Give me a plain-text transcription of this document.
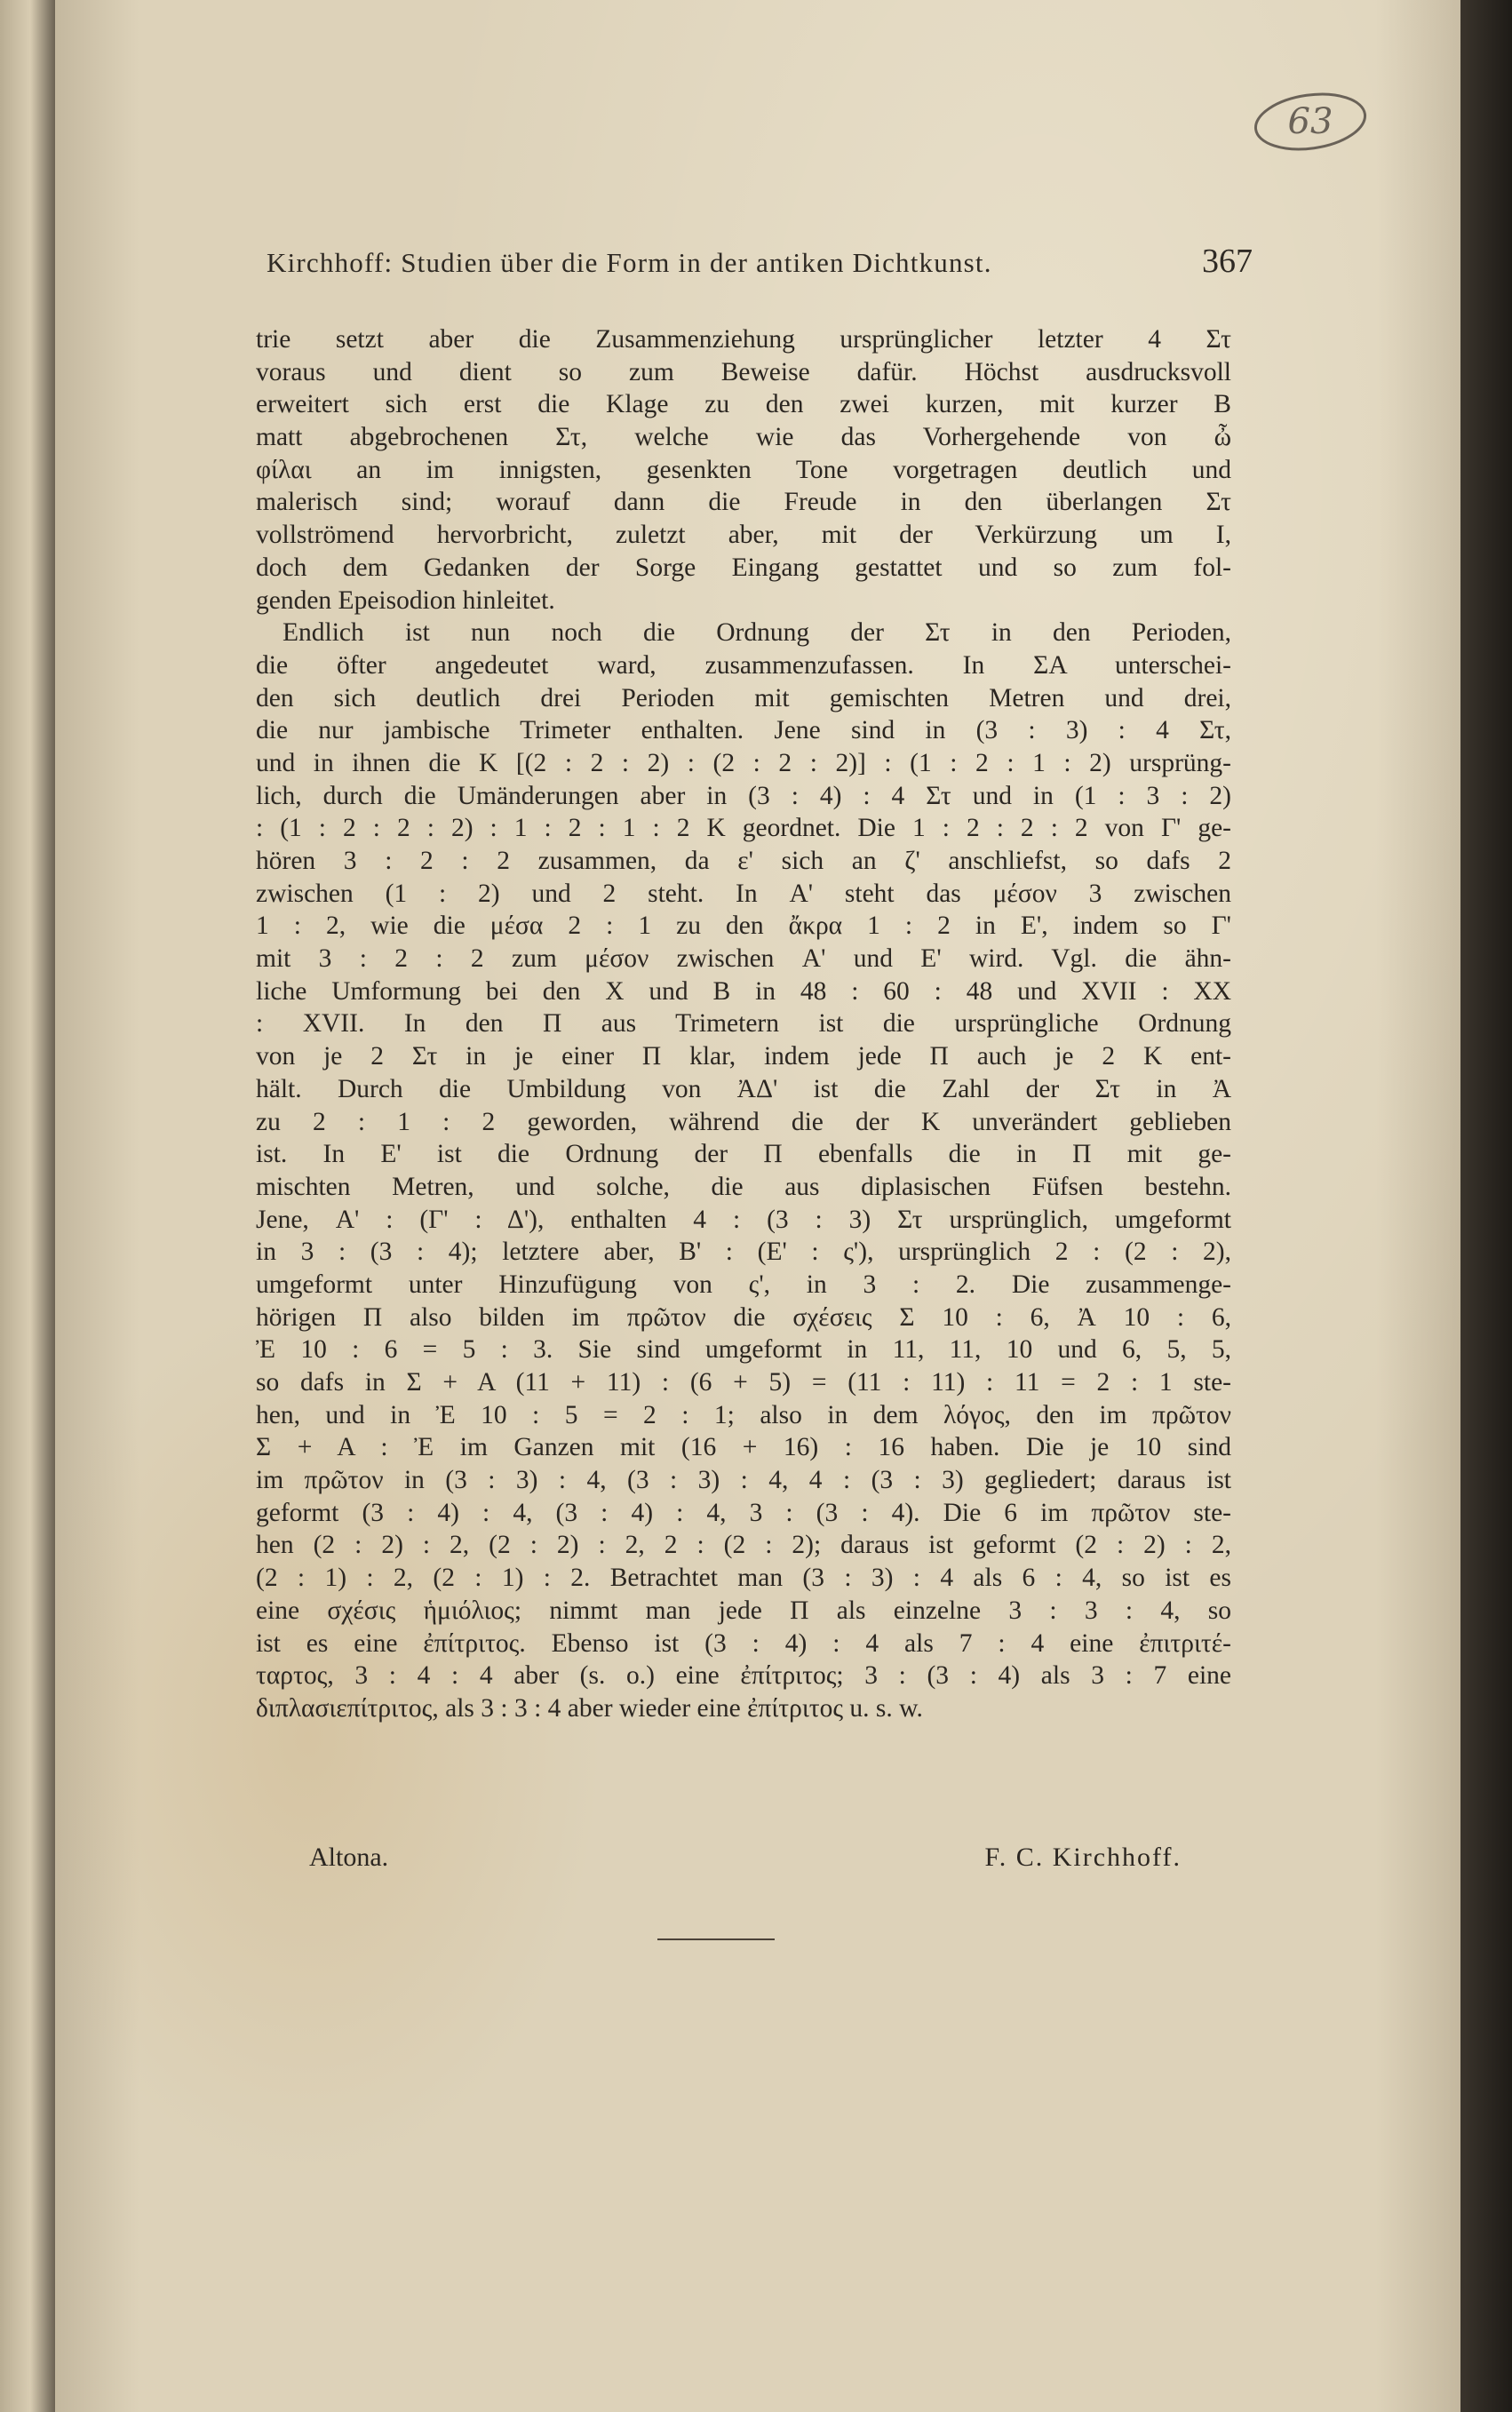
63
Kirchhoff: Studien über die Form in der antiken Dichtkunst.	367
trie setzt aber die Zusammenziehung ursprünglicher letzter 4 Στ
voraus und dient so zum Beweise dafür. Höchst ausdrucksvoll
erweitert sich erst die Klage zu den zwei kurzen, mit kurzer B
matt abgebrochenen Στ, welche wie das Vorhergehende von ὦ
φίλαι an im innigsten, gesenkten Tone vorgetragen deutlich und
malerisch sind; worauf dann die Freude in den überlangen Στ
vollströmend hervorbricht, zuletzt aber, mit der Verkürzung um I,
doch dem Gedanken der Sorge Eingang gestattet und so zum fol-
genden Epeisodion hinleitet.
Endlich ist nun noch die Ordnung der Στ in den Perioden,
die öfter angedeutet ward, zusammenzufassen. In ΣΑ unterschei-
den sich deutlich drei Perioden mit gemischten Metren und drei,
die nur jambische Trimeter enthalten. Jene sind in (3 : 3) : 4 Στ,
und in ihnen die K [(2 : 2 : 2) : (2 : 2 : 2)] : (1 : 2 : 1 : 2) ursprüng-
lich, durch die Umänderungen aber in (3 : 4) : 4 Στ und in (1 : 3 : 2)
: (1 : 2 : 2 : 2) : 1 : 2 : 1 : 2 K geordnet. Die 1 : 2 : 2 : 2 von Γ' ge-
hören 3 : 2 : 2 zusammen, da ε' sich an ζ' anschliefst, so dafs 2
zwischen (1 : 2) und 2 steht. In Α' steht das μέσον 3 zwischen
1 : 2, wie die μέσα 2 : 1 zu den ἄκρα 1 : 2 in Ε', indem so Γ'
mit 3 : 2 : 2 zum μέσον zwischen Α' und Ε' wird. Vgl. die ähn-
liche Umformung bei den X und B in 48 : 60 : 48 und XVII : XX
: XVII. In den Π aus Trimetern ist die ursprüngliche Ordnung
von je 2 Στ in je einer Π klar, indem jede Π auch je 2 K ent-
hält. Durch die Umbildung von ἈΔ' ist die Zahl der Στ in Ἀ
zu 2 : 1 : 2 geworden, während die der K unverändert geblieben
ist. In Ε' ist die Ordnung der Π ebenfalls die in Π mit ge-
mischten Metren, und solche, die aus diplasischen Füfsen bestehn.
Jene, Α' : (Γ' : Δ'), enthalten 4 : (3 : 3) Στ ursprünglich, umgeformt
in 3 : (3 : 4); letztere aber, Β' : (Ε' : ς'), ursprünglich 2 : (2 : 2),
umgeformt unter Hinzufügung von ς', in 3 : 2. Die zusammenge-
hörigen Π also bilden im πρῶτον die σχέσεις Σ 10 : 6, Ἀ 10 : 6,
Ἐ 10 : 6 = 5 : 3. Sie sind umgeformt in 11, 11, 10 und 6, 5, 5,
so dafs in Σ + Α (11 + 11) : (6 + 5) = (11 : 11) : 11 = 2 : 1 ste-
hen, und in Ἐ 10 : 5 = 2 : 1; also in dem λόγος, den im πρῶτον
Σ + Α : Ἐ im Ganzen mit (16 + 16) : 16 haben. Die je 10 sind
im πρῶτον in (3 : 3) : 4, (3 : 3) : 4, 4 : (3 : 3) gegliedert; daraus ist
geformt (3 : 4) : 4, (3 : 4) : 4, 3 : (3 : 4). Die 6 im πρῶτον ste-
hen (2 : 2) : 2, (2 : 2) : 2, 2 : (2 : 2); daraus ist geformt (2 : 2) : 2,
(2 : 1) : 2, (2 : 1) : 2. Betrachtet man (3 : 3) : 4 als 6 : 4, so ist es
eine σχέσις ἡμιόλιος; nimmt man jede Π als einzelne 3 : 3 : 4, so
ist es eine ἐπίτριτος. Ebenso ist (3 : 4) : 4 als 7 : 4 eine ἐπιτριτέ-
ταρτος, 3 : 4 : 4 aber (s. o.) eine ἐπίτριτος; 3 : (3 : 4) als 3 : 7 eine
διπλασιεπίτριτος, als 3 : 3 : 4 aber wieder eine ἐπίτριτος u. s. w.
Altona.	F. C. Kirchhoff.
